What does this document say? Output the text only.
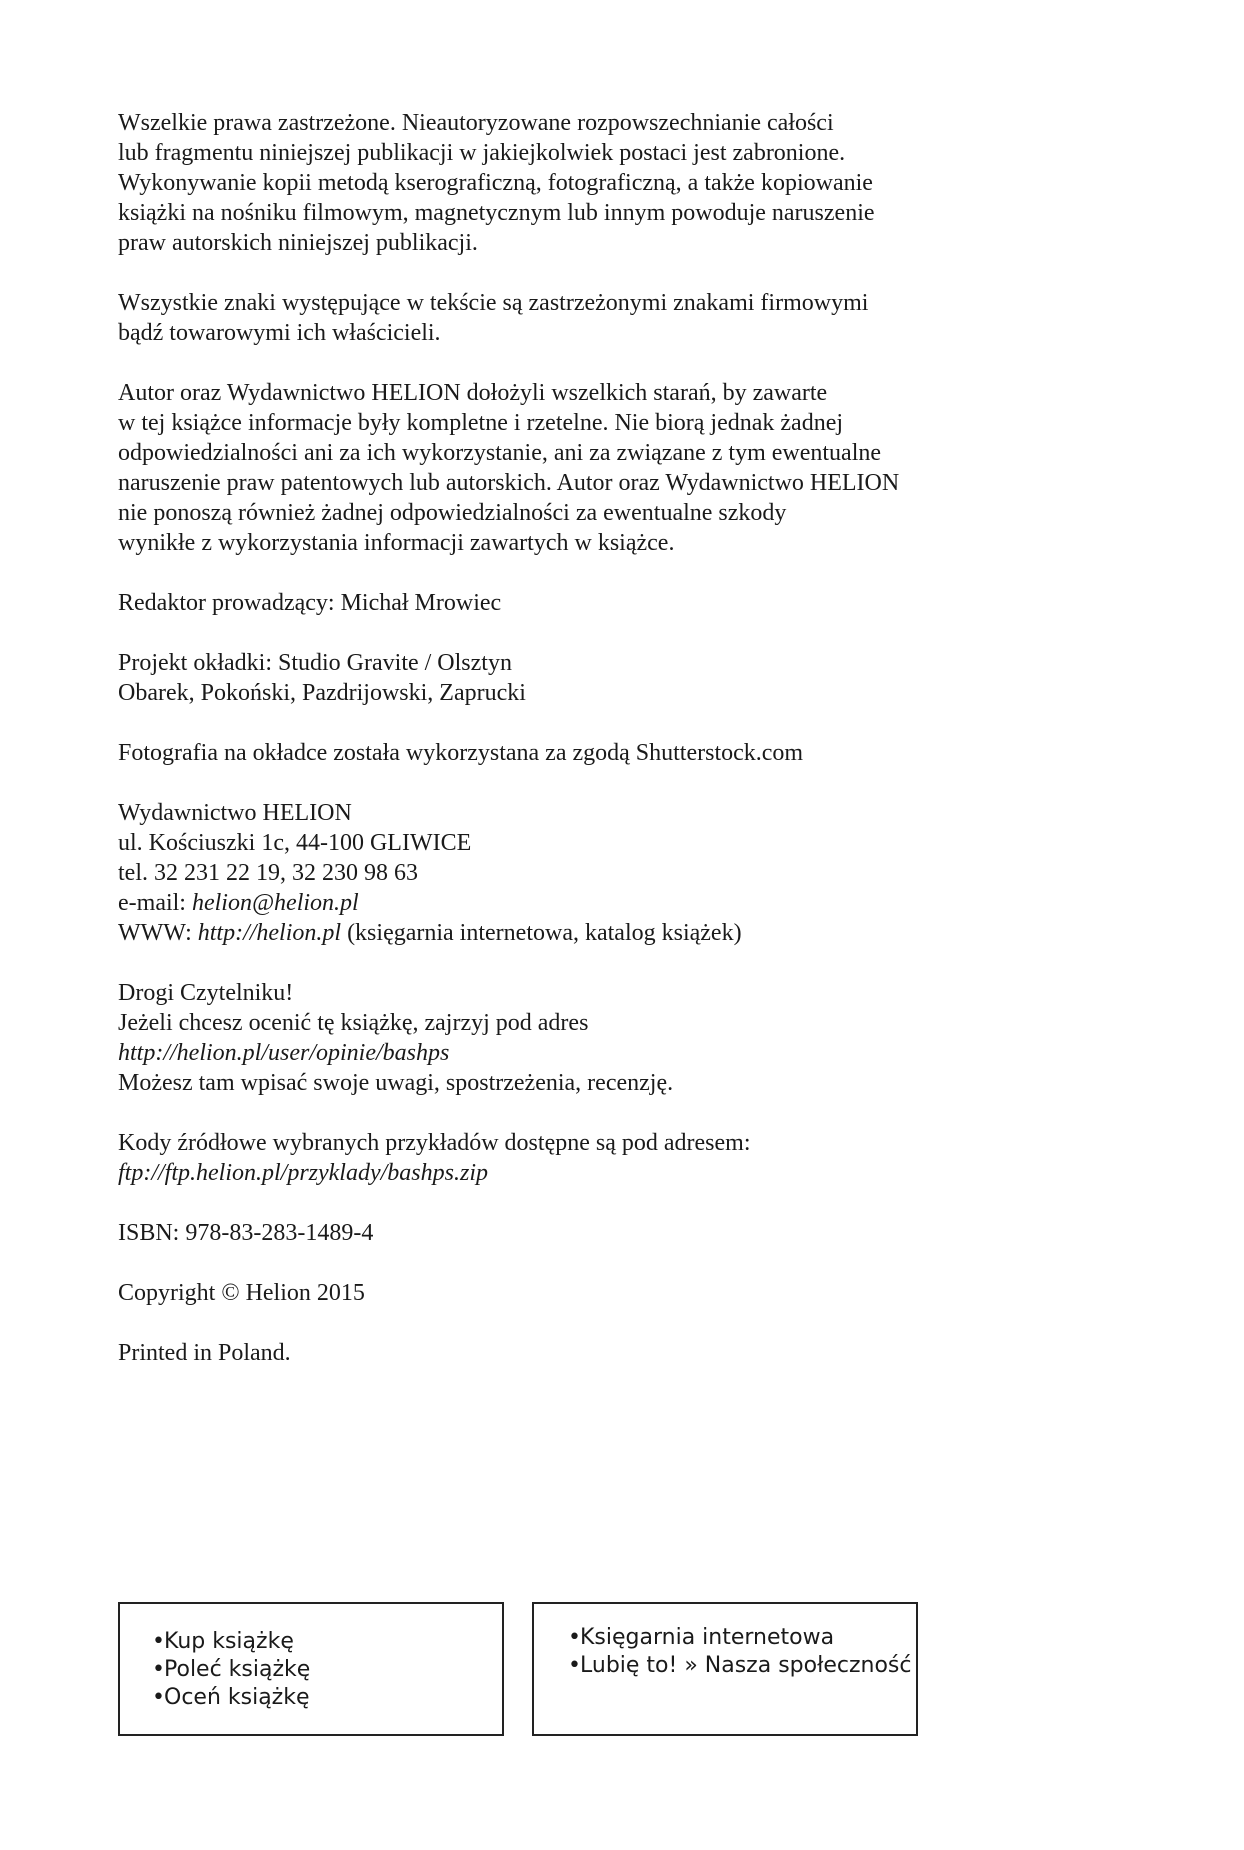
Wszelkie prawa zastrzeżone. Nieautoryzowane rozpowszechnianie całości
lub fragmentu niniejszej publikacji w jakiejkolwiek postaci jest zabronione.
Wykonywanie kopii metodą kserograficzną, fotograficzną, a także kopiowanie
książki na nośniku filmowym, magnetycznym lub innym powoduje naruszenie
praw autorskich niniejszej publikacji.

Wszystkie znaki występujące w tekście są zastrzeżonymi znakami firmowymi
bądź towarowymi ich właścicieli.

Autor oraz Wydawnictwo HELION dołożyli wszelkich starań, by zawarte
w tej książce informacje były kompletne i rzetelne. Nie biorą jednak żadnej
odpowiedzialności ani za ich wykorzystanie, ani za związane z tym ewentualne
naruszenie praw patentowych lub autorskich. Autor oraz Wydawnictwo HELION
nie ponoszą również żadnej odpowiedzialności za ewentualne szkody
wynikłe z wykorzystania informacji zawartych w książce.

Redaktor prowadzący: Michał Mrowiec

Projekt okładki: Studio Gravite / Olsztyn
Obarek, Pokoński, Pazdrijowski, Zaprucki

Fotografia na okładce została wykorzystana za zgodą Shutterstock.com

Wydawnictwo HELION
ul. Kościuszki 1c, 44-100 GLIWICE
tel. 32 231 22 19, 32 230 98 63
e-mail: helion@helion.pl
WWW: http://helion.pl (księgarnia internetowa, katalog książek)

Drogi Czytelniku!
Jeżeli chcesz ocenić tę książkę, zajrzyj pod adres
http://helion.pl/user/opinie/bashps
Możesz tam wpisać swoje uwagi, spostrzeżenia, recenzję.

Kody źródłowe wybranych przykładów dostępne są pod adresem:
ftp://ftp.helion.pl/przyklady/bashps.zip

ISBN: 978-83-283-1489-4

Copyright © Helion 2015

Printed in Poland.

•Kup książkę
•Poleć książkę
•Oceń książkę
•Księgarnia internetowa
•Lubię to! » Nasza społeczność
